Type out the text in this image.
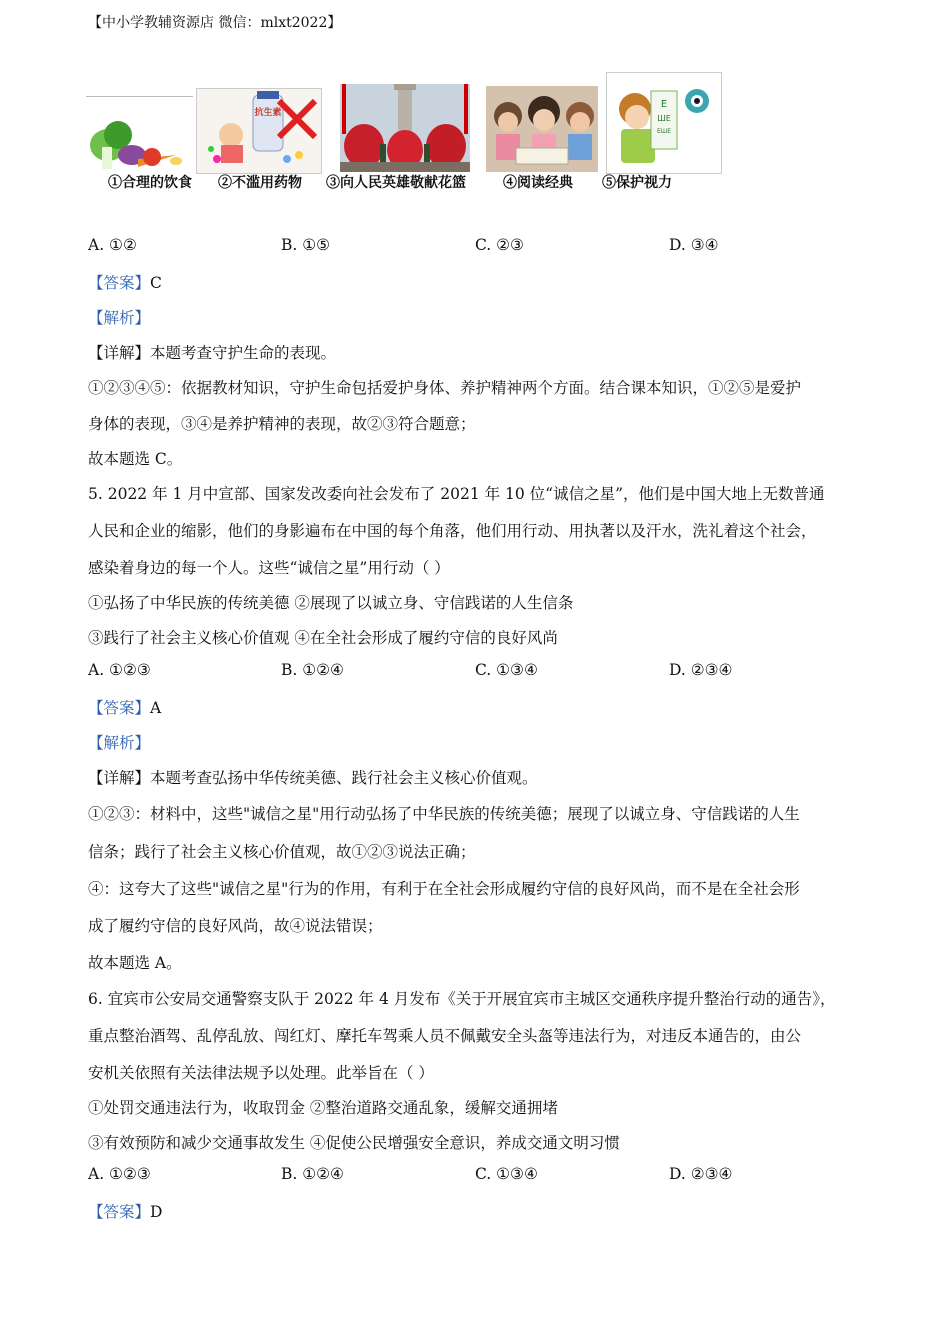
【中小学教辅资源店 微信：mlxt2022】
抗生素
E
ШE
EШE
①合理的饮食 ②不滥用药物 ③向人民英雄敬献花篮	④阅读经典 ⑤保护视力
A. ①②	B. ①⑤	C. ②③	D. ③④
【答案】C
【解析】
【详解】本题考查守护生命的表现。
①②③④⑤：依据教材知识，守护生命包括爱护身体、养护精神两个方面。结合课本知识，①②⑤是爱护
身体的表现，③④是养护精神的表现，故②③符合题意；
故本题选 C。
5. 2022 年 1 月中宣部、国家发改委向社会发布了 2021 年 10 位“诚信之星”，他们是中国大地上无数普通
人民和企业的缩影，他们的身影遍布在中国的每个角落，他们用行动、用执著以及汗水，洗礼着这个社会，
感染着身边的每一个人。这些“诚信之星”用行动（ ）
①弘扬了中华民族的传统美德 ②展现了以诚立身、守信践诺的人生信条
③践行了社会主义核心价值观 ④在全社会形成了履约守信的良好风尚
A. ①②③	B. ①②④	C. ①③④	D. ②③④
【答案】A
【解析】
【详解】本题考查弘扬中华传统美德、践行社会主义核心价值观。
①②③：材料中，这些"诚信之星"用行动弘扬了中华民族的传统美德；展现了以诚立身、守信践诺的人生
信条；践行了社会主义核心价值观，故①②③说法正确；
④：这夸大了这些"诚信之星"行为的作用，有利于在全社会形成履约守信的良好风尚，而不是在全社会形
成了履约守信的良好风尚，故④说法错误；
故本题选 A。
6. 宜宾市公安局交通警察支队于 2022 年 4 月发布《关于开展宜宾市主城区交通秩序提升整治行动的通告》，
重点整治酒驾、乱停乱放、闯红灯、摩托车驾乘人员不佩戴安全头盔等违法行为，对违反本通告的，由公
安机关依照有关法律法规予以处理。此举旨在（ ）
①处罚交通违法行为，收取罚金 ②整治道路交通乱象，缓解交通拥堵
③有效预防和减少交通事故发生 ④促使公民增强安全意识，养成交通文明习惯
A. ①②③	B. ①②④	C. ①③④	D. ②③④
【答案】D
